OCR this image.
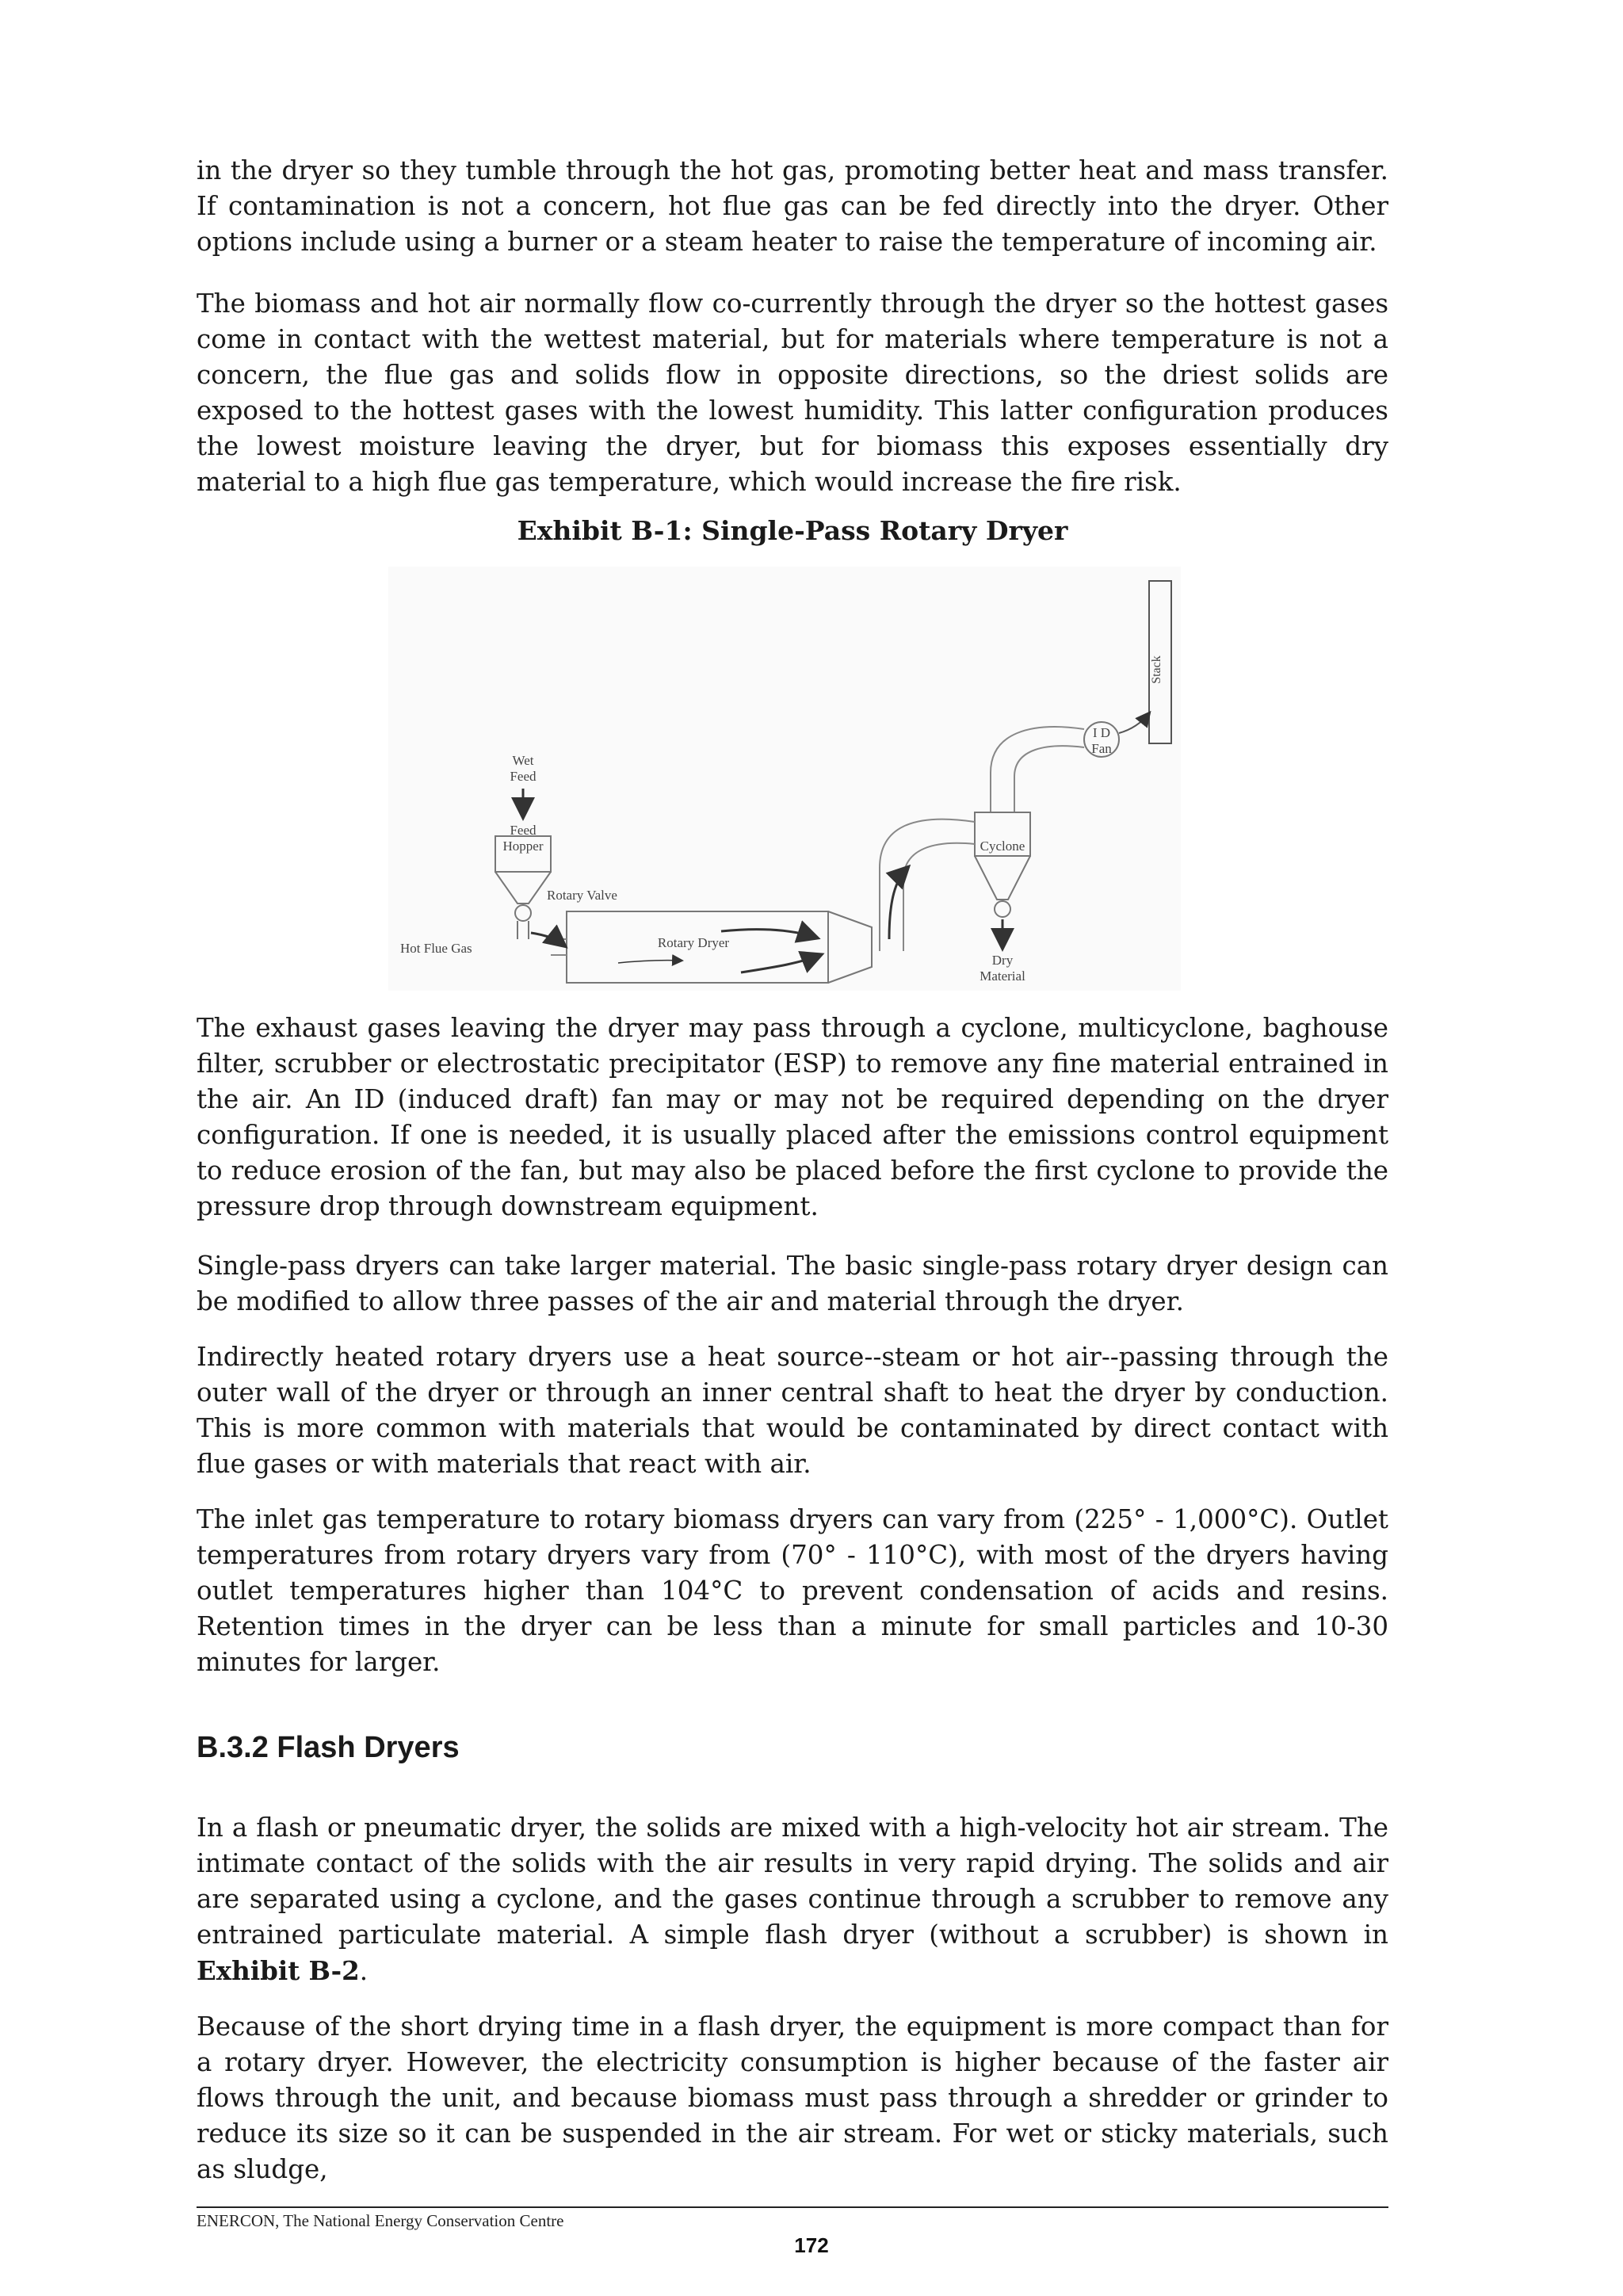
in the dryer so they tumble through the hot gas, promoting better heat and mass transfer. If contamination is not a concern, hot flue gas can be fed directly into the dryer. Other options include using a burner or a steam heater to raise the temperature of incoming air.

The biomass and hot air normally flow co-currently through the dryer so the hottest gases come in contact with the wettest material, but for materials where temperature is not a concern, the flue gas and solids flow in opposite directions, so the driest solids are exposed to the hottest gases with the lowest humidity. This latter configuration produces the lowest moisture leaving the dryer, but for biomass this exposes essentially dry material to a high flue gas temperature, which would increase the fire risk.

Exhibit B-1: Single-Pass Rotary Dryer

Stack
I D
Fan
Cyclone
Dry
Material
Rotary Dryer
Hot Flue Gas
Feed
Hopper
Rotary Valve
Wet
Feed

The exhaust gases leaving the dryer may pass through a cyclone, multicyclone, baghouse filter, scrubber or electrostatic precipitator (ESP) to remove any fine material entrained in the air. An ID (induced draft) fan may or may not be required depending on the dryer configuration. If one is needed, it is usually placed after the emissions control equipment to reduce erosion of the fan, but may also be placed before the first cyclone to provide the pressure drop through downstream equipment.

Single-pass dryers can take larger material. The basic single-pass rotary dryer design can be modified to allow three passes of the air and material through the dryer.

Indirectly heated rotary dryers use a heat source--steam or hot air--passing through the outer wall of the dryer or through an inner central shaft to heat the dryer by conduction. This is more common with materials that would be contaminated by direct contact with flue gases or with materials that react with air.

The inlet gas temperature to rotary biomass dryers can vary from (225° - 1,000°C). Outlet temperatures from rotary dryers vary from (70° - 110°C), with most of the dryers having outlet temperatures higher than 104°C to prevent condensation of acids and resins. Retention times in the dryer can be less than a minute for small particles and 10-30 minutes for larger.

B.3.2 Flash Dryers

In a flash or pneumatic dryer, the solids are mixed with a high-velocity hot air stream. The intimate contact of the solids with the air results in very rapid drying. The solids and air are separated using a cyclone, and the gases continue through a scrubber to remove any entrained particulate material. A simple flash dryer (without a scrubber) is shown in Exhibit B-2.

Because of the short drying time in a flash dryer, the equipment is more compact than for a rotary dryer. However, the electricity consumption is higher because of the faster air flows through the unit, and because biomass must pass through a shredder or grinder to reduce its size so it can be suspended in the air stream. For wet or sticky materials, such as sludge,

ENERCON, The National Energy Conservation Centre
172
